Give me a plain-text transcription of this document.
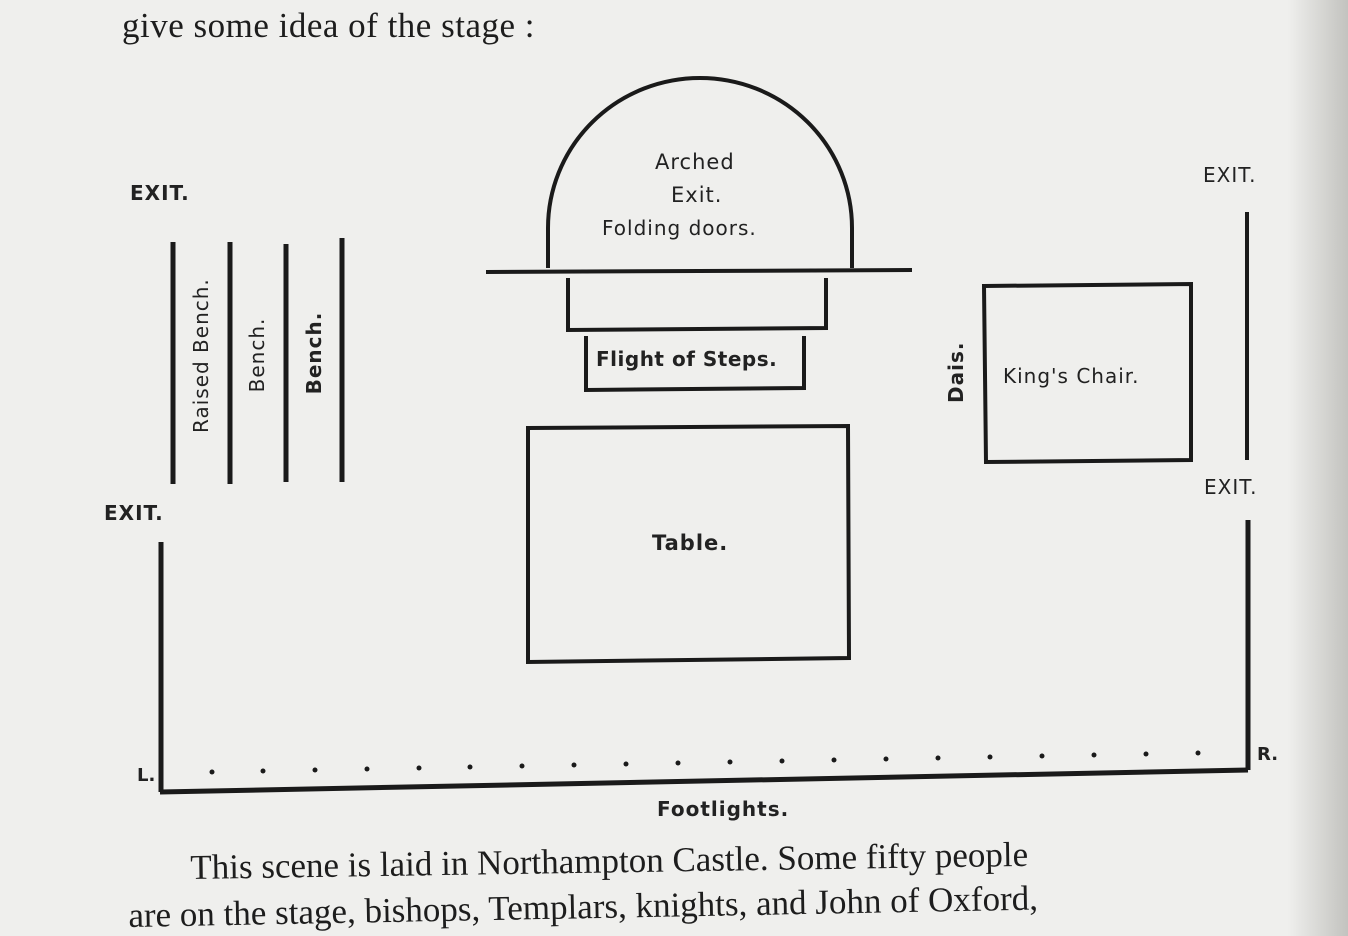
give some idea of the stage :
EXIT.
EXIT.
EXIT.
EXIT.
Arched
Exit.
Folding doors.
Flight of Steps.
Raised Bench. Bench. Bench.	Dais. King's Chair.
Table.
L.
R.
Footlights.
This scene is laid in Northampton Castle. Some fifty people
are on the stage, bishops, Templars, knights, and John of Oxford,
